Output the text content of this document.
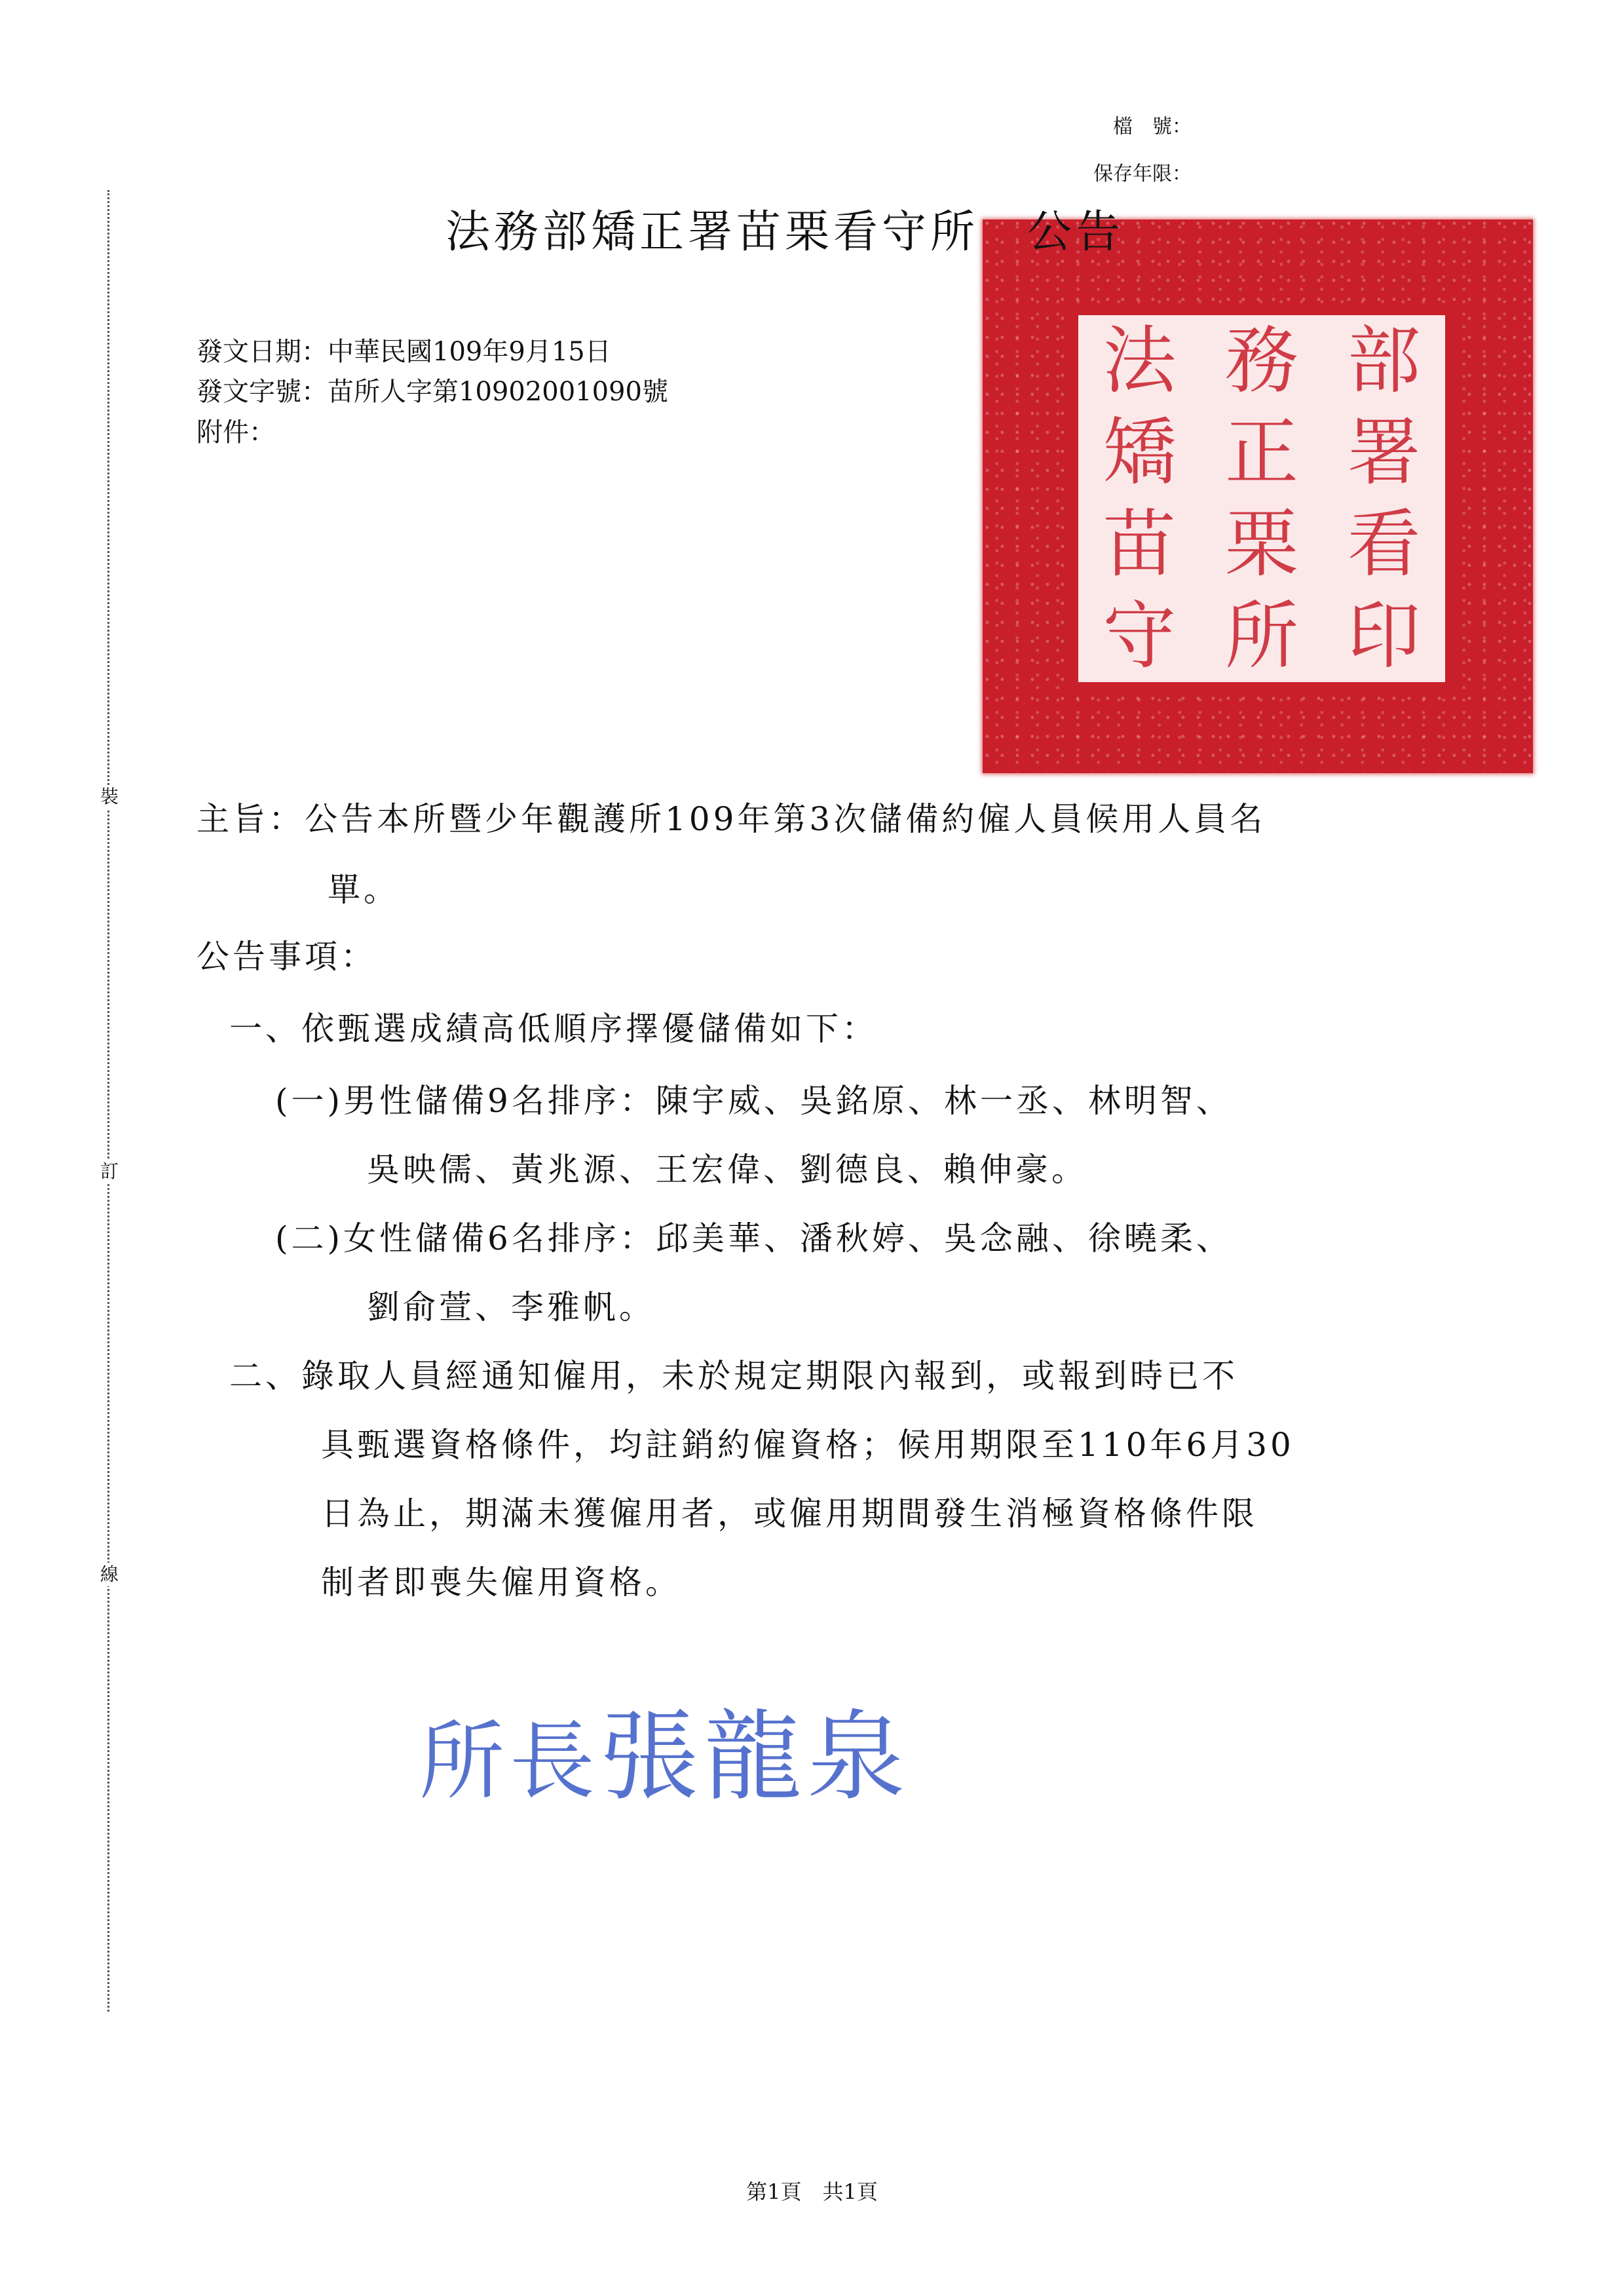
裝
訂
線
檔　號：
保存年限：
法 務 部
矯 正 署
苗 栗 看
守 所 印
法務部矯正署苗栗看守所　公告
發文日期：中華民國109年9月15日
發文字號：苗所人字第10902001090號
附件：
主旨：公告本所暨少年觀護所109年第3次儲備約僱人員候用人員名
單。
公告事項：
一、依甄選成績高低順序擇優儲備如下：
(一)男性儲備9名排序：陳宇威、吳銘原、林一丞、林明智、
吳映儒、黃兆源、王宏偉、劉德良、賴伸豪。
(二)女性儲備6名排序：邱美華、潘秋婷、吳念融、徐曉柔、
劉俞萱、李雅帆。
二、錄取人員經通知僱用，未於規定期限內報到，或報到時已不
具甄選資格條件，均註銷約僱資格；候用期限至110年6月30
日為止，期滿未獲僱用者，或僱用期間發生消極資格條件限
制者即喪失僱用資格。
所長張龍泉
第1頁　共1頁
